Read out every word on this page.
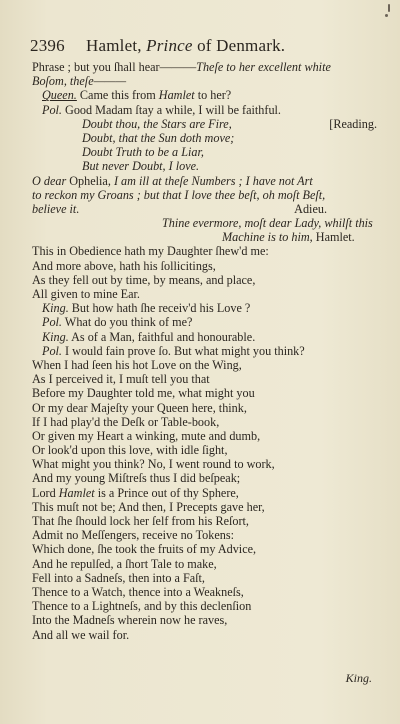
2396 Hamlet, Prince of Denmark.
Phrase ; but you ſhall hear———Theſe to her excellent white
Boſom, theſe———
Queen. Came this from Hamlet to her?
Pol. Good Madam ſtay a while, I will be faithful.
Doubt thou, the Stars are Fire,	[Reading.
Doubt, that the Sun doth move;
Doubt Truth to be a Liar,
But never Doubt, I love.
O dear Ophelia, I am ill at theſe Numbers ; I have not Art
to reckon my Groans ; but that I love thee beſt, oh moſt Beſt,
believe it.	Adieu.
Thine evermore, moſt dear Lady, whilſt this
Machine is to him, Hamlet.
This in Obedience hath my Daughter ſhew'd me:
And more above, hath his ſollicitings,
As they fell out by time, by means, and place,
All given to mine Ear.
King. But how hath ſhe receiv'd his Love ?
Pol. What do you think of me?
King. As of a Man, faithful and honourable.
Pol. I would fain prove ſo. But what might you think?
When I had ſeen his hot Love on the Wing,
As I perceived it, I muſt tell you that
Before my Daughter told me, what might you
Or my dear Majeſty your Queen here, think,
If I had play'd the Deſk or Table-book,
Or given my Heart a winking, mute and dumb,
Or look'd upon this love, with idle ſight,
What might you think? No, I went round to work,
And my young Miſtreſs thus I did beſpeak;
Lord Hamlet is a Prince out of thy Sphere,
This muſt not be; And then, I Precepts gave her,
That ſhe ſhould lock her ſelf from his Reſort,
Admit no Meſſengers, receive no Tokens:
Which done, ſhe took the fruits of my Advice,
And he repulſed, a ſhort Tale to make,
Fell into a Sadneſs, then into a Faſt,
Thence to a Watch, thence into a Weakneſs,
Thence to a Lightneſs, and by this declenſion
Into the Madneſs wherein now he raves,
And all we wail for.
King.
